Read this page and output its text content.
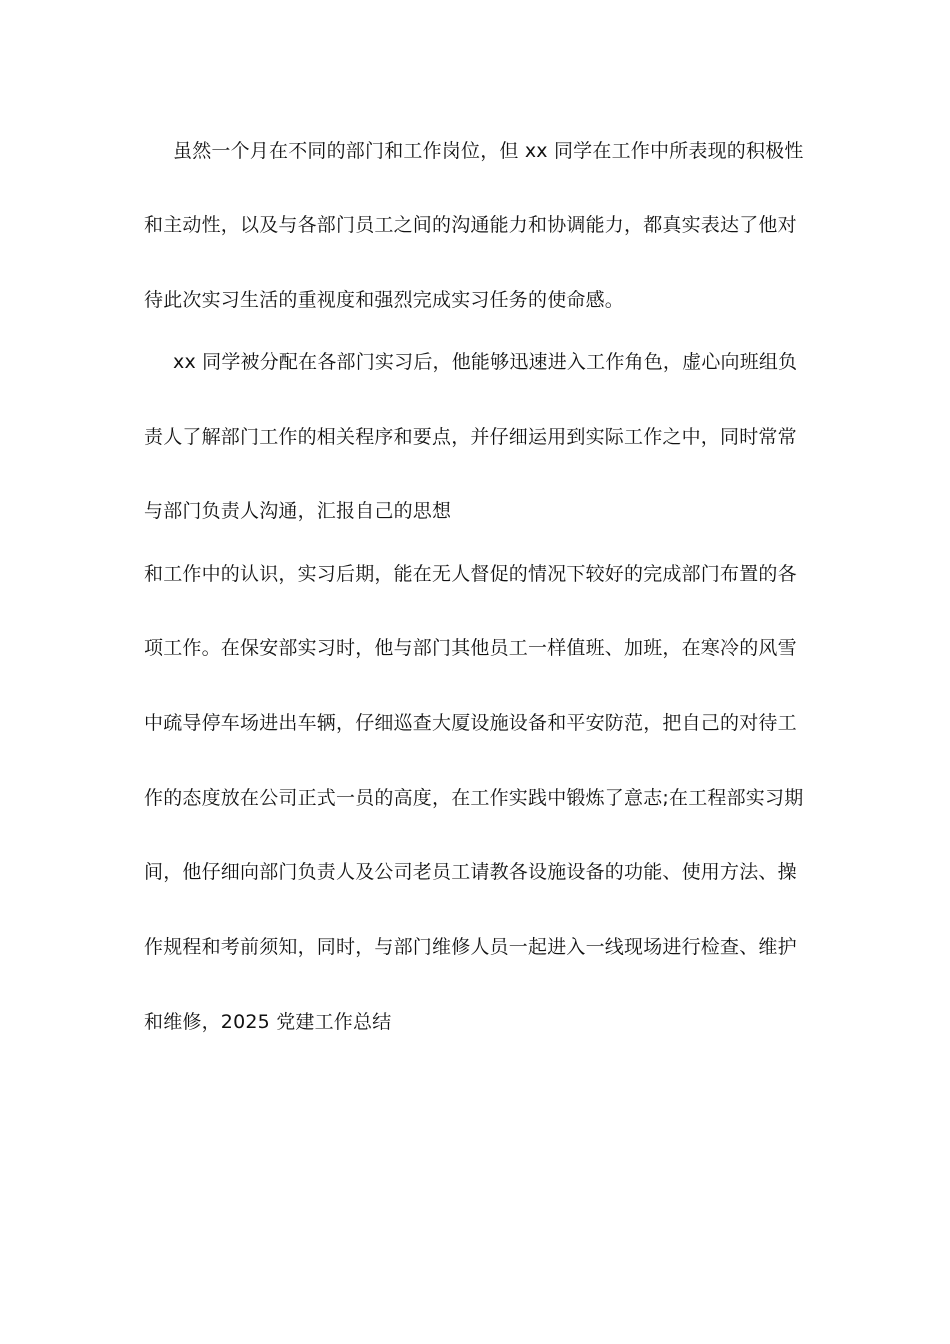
虽然一个月在不同的部门和工作岗位，但 xx 同学在工作中所表现的积极性
和主动性，以及与各部门员工之间的沟通能力和协调能力，都真实表达了他对
待此次实习生活的重视度和强烈完成实习任务的使命感。
xx 同学被分配在各部门实习后，他能够迅速进入工作角色，虚心向班组负
责人了解部门工作的相关程序和要点，并仔细运用到实际工作之中，同时常常
与部门负责人沟通，汇报自己的思想
和工作中的认识，实习后期，能在无人督促的情况下较好的完成部门布置的各
项工作。在保安部实习时，他与部门其他员工一样值班、加班，在寒冷的风雪
中疏导停车场进出车辆，仔细巡查大厦设施设备和平安防范，把自己的对待工
作的态度放在公司正式一员的高度，在工作实践中锻炼了意志;在工程部实习期
间，他仔细向部门负责人及公司老员工请教各设施设备的功能、使用方法、操
作规程和考前须知，同时，与部门维修人员一起进入一线现场进行检查、维护
和维修，2025 党建工作总结
